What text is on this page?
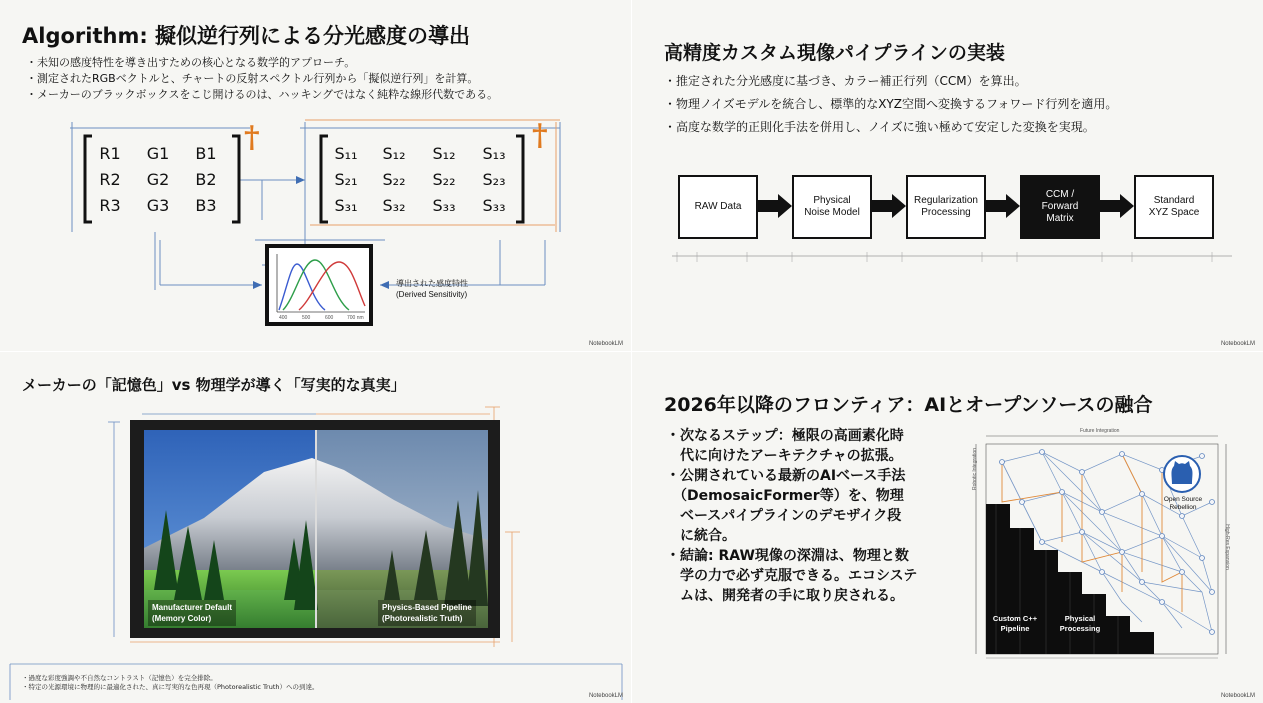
Algorithm: 擬似逆行列による分光感度の導出
・未知の感度特性を導き出すための核心となる数学的アプローチ。
・測定されたRGBベクトルと、チャートの反射スペクトル行列から「擬似逆行列」を計算。
・メーカーのブラックボックスをこじ開けるのは、ハッキングではなく純粋な線形代数である。
R1	G1	B1
R2	G2	B2
R3	G3	B3
†	S₁₁	S₁₂	S₁₂	S₁₃
S₂₁	S₂₂	S₂₂	S₂₃
S₃₁	S₃₂	S₃₃	S₃₃
†
400	500	600	700 nm
導出された感度特性
(Derived Sensitivity)
NotebookLM
高精度カスタム現像パイプラインの実装
・推定された分光感度に基づき、カラー補正行列（CCM）を算出。
・物理ノイズモデルを統合し、標準的なXYZ空間へ変換するフォワード行列を適用。
・高度な数学的正則化手法を併用し、ノイズに強い極めて安定した変換を実現。
RAW Data
Physical
Noise Model
Regularization
Processing
CCM /
Forward
Matrix
Standard
XYZ Space
NotebookLM
メーカーの「記憶色」vs 物理学が導く「写実的な真実」
Manufacturer Default
(Memory Color)
Physics-Based Pipeline
(Photorealistic Truth)
・過度な彩度強調や不自然なコントラスト（記憶色）を完全排除。
・特定の光源環境に物理的に最適化された、真に写実的な色再現（Photorealistic Truth）への到達。
NotebookLM
2026年以降のフロンティア：AIとオープンソースの融合
・次なるステップ：極限の高画素化時
　代に向けたアーキテクチャの拡張。
・公開されている最新のAIベース手法
　（DemosaicFormer等）を、物理
　ベースパイプラインのデモザイク段
　に統合。
・結論: RAW現像の深淵は、物理と数
　学の力で必ず克服できる。エコシステ
　ムは、開発者の手に取り戻される。
Custom C++
Pipeline
Physical
Processing
Open Source
Rebellion
Future Integration
Robotic Integration
High-Res Expansion
NotebookLM
